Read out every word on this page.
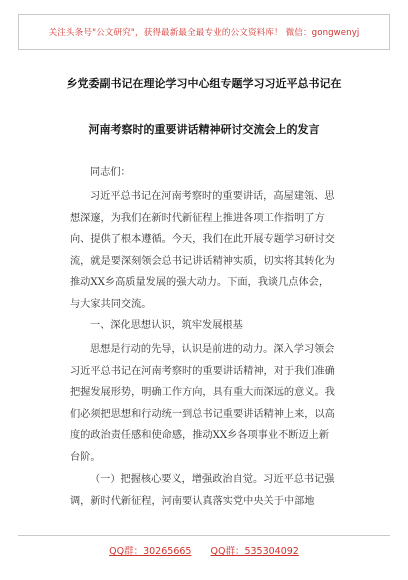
关注头条号"公文研究"，获得最新最全最专业的公文资料库！ 微信：gongwenyj
乡党委副书记在理论学习中心组专题学习习近平总书记在
河南考察时的重要讲话精神研讨交流会上的发言
同志们：
习近平总书记在河南考察时的重要讲话，高屋建瓴、思想深邃，为我们在新时代新征程上推进各项工作指明了方向、提供了根本遵循。今天，我们在此开展专题学习研讨交流，就是要深刻领会总书记讲话精神实质，切实将其转化为推动XX乡高质量发展的强大动力。下面，我谈几点体会，与大家共同交流。
一、深化思想认识，筑牢发展根基
思想是行动的先导，认识是前进的动力。深入学习领会习近平总书记在河南考察时的重要讲话精神，对于我们准确把握发展形势，明确工作方向，具有重大而深远的意义。我们必须把思想和行动统一到总书记重要讲话精神上来，以高度的政治责任感和使命感，推动XX乡各项事业不断迈上新台阶。
（一）把握核心要义，增强政治自觉。习近平总书记强调，新时代新征程，河南要认真落实党中央关于中部地
QQ群：30265665 QQ群：535304092
